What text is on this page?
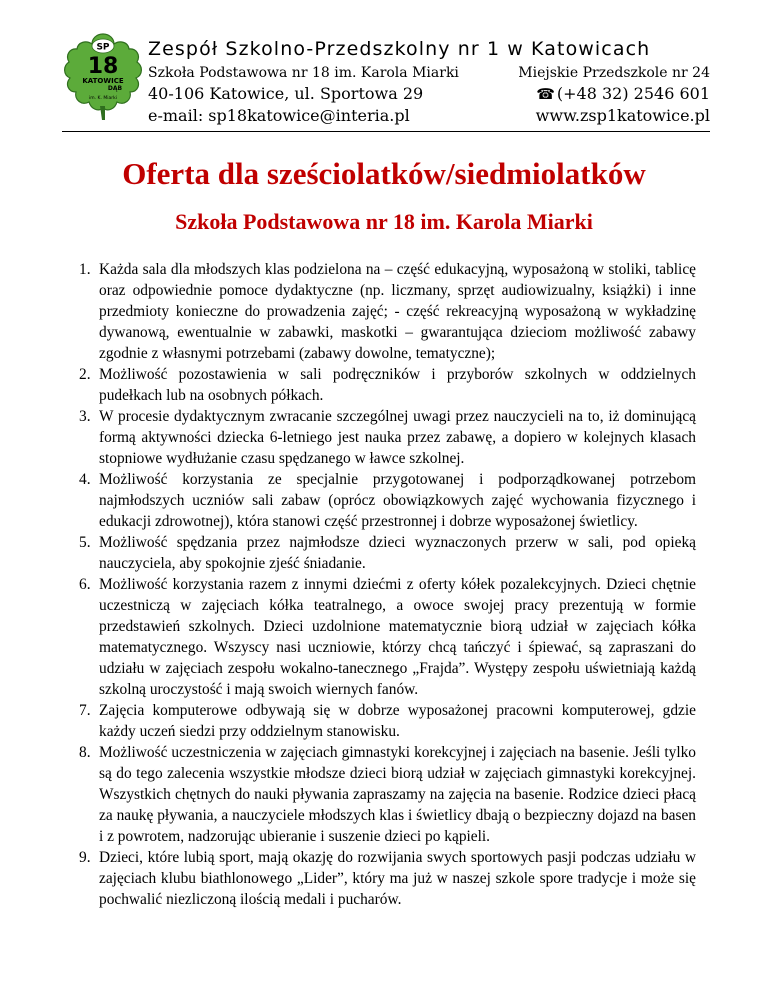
SP
18
KATOWICE
DĄB
im. K. Miarki
Zespół Szkolno-Przedszkolny nr 1 w Katowicach
Szkoła Podstawowa nr 18 im. Karola Miarki	Miejskie Przedszkole nr 24
40-106 Katowice, ul. Sportowa 29	☎ (+48 32) 2546 601
e-mail: sp18katowice@interia.pl	www.zsp1katowice.pl
Oferta dla sześciolatków/siedmiolatków
Szkoła Podstawowa nr 18 im. Karola Miarki
1. Każda sala dla młodszych klas podzielona na – część edukacyjną, wyposażoną w stoliki, tablicę oraz odpowiednie pomoce dydaktyczne (np. liczmany, sprzęt audiowizualny, książki) i inne przedmioty konieczne do prowadzenia zajęć; - część rekreacyjną wyposażoną w wykładzinę dywanową, ewentualnie w zabawki, maskotki – gwarantująca dzieciom możliwość zabawy zgodnie z własnymi potrzebami (zabawy dowolne, tematyczne);
2. Możliwość pozostawienia w sali podręczników i przyborów szkolnych w oddzielnych pudełkach lub na osobnych półkach.
3. W procesie dydaktycznym zwracanie szczególnej uwagi przez nauczycieli na to, iż dominującą formą aktywności dziecka 6-letniego jest nauka przez zabawę, a dopiero w kolejnych klasach stopniowe wydłużanie czasu spędzanego w ławce szkolnej.
4. Możliwość korzystania ze specjalnie przygotowanej i podporządkowanej potrzebom najmłodszych uczniów sali zabaw (oprócz obowiązkowych zajęć wychowania fizycznego i edukacji zdrowotnej), która stanowi część przestronnej i dobrze wyposażonej świetlicy.
5. Możliwość spędzania przez najmłodsze dzieci wyznaczonych przerw w sali, pod opieką nauczyciela, aby spokojnie zjeść śniadanie.
6. Możliwość korzystania razem z innymi dziećmi z oferty kółek pozalekcyjnych. Dzieci chętnie uczestniczą w zajęciach kółka teatralnego, a owoce swojej pracy prezentują w formie przedstawień szkolnych. Dzieci uzdolnione matematycznie biorą udział w zajęciach kółka matematycznego. Wszyscy nasi uczniowie, którzy chcą tańczyć i śpiewać, są zapraszani do udziału w zajęciach zespołu wokalno-tanecznego „Frajda”. Występy zespołu uświetniają każdą szkolną uroczystość i mają swoich wiernych fanów.
7. Zajęcia komputerowe odbywają się w dobrze wyposażonej pracowni komputerowej, gdzie każdy uczeń siedzi przy oddzielnym stanowisku.
8. Możliwość uczestniczenia w zajęciach gimnastyki korekcyjnej i zajęciach na basenie. Jeśli tylko są do tego zalecenia wszystkie młodsze dzieci biorą udział w zajęciach gimnastyki korekcyjnej. Wszystkich chętnych do nauki pływania zapraszamy na zajęcia na basenie. Rodzice dzieci płacą za naukę pływania, a nauczyciele młodszych klas i świetlicy dbają o bezpieczny dojazd na basen i z powrotem, nadzorując ubieranie i suszenie dzieci po kąpieli.
9. Dzieci, które lubią sport, mają okazję do rozwijania swych sportowych pasji podczas udziału w zajęciach klubu biathlonowego „Lider”, który ma już w naszej szkole spore tradycje i może się pochwalić niezliczoną ilością medali i pucharów.
